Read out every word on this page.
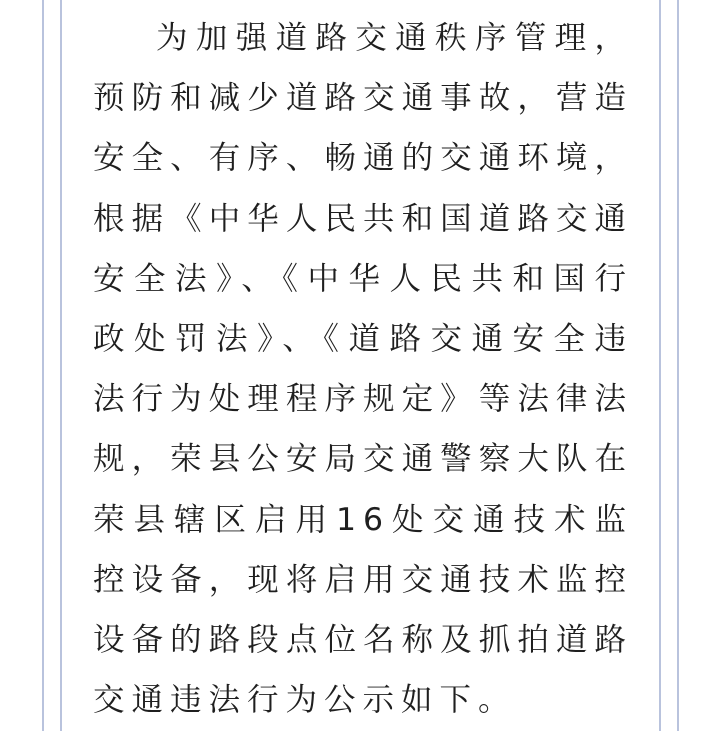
为加强道路交通秩序管理，预防和减少道路交通事故，营造安全、有序、畅通的交通环境，根据《中华人民共和国道路交通安全法》、《中华人民共和国行政处罚法》、《道路交通安全违法行为处理程序规定》等法律法规，荣县公安局交通警察大队在荣县辖区启用16处交通技术监控设备，现将启用交通技术监控设备的路段点位名称及抓拍道路交通违法行为公示如下。
